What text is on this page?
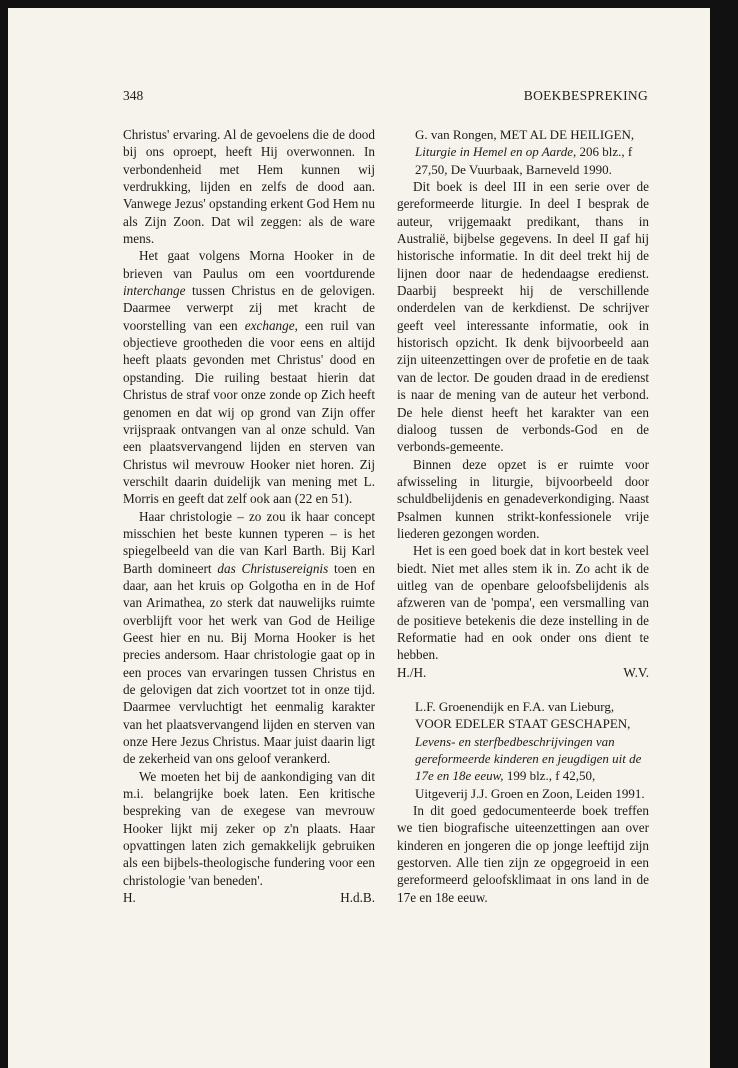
348	BOEKBESPREKING

Christus' ervaring. Al de gevoelens die de dood bij ons oproept, heeft Hij overwonnen. In verbondenheid met Hem kunnen wij verdrukking, lijden en zelfs de dood aan. Vanwege Jezus' opstanding erkent God Hem nu als Zijn Zoon. Dat wil zeggen: als de ware mens.

Het gaat volgens Morna Hooker in de brieven van Paulus om een voortdurende interchange tussen Christus en de gelovigen. Daarmee verwerpt zij met kracht de voorstelling van een exchange, een ruil van objectieve grootheden die voor eens en altijd heeft plaats gevonden met Christus' dood en opstanding. Die ruiling bestaat hierin dat Christus de straf voor onze zonde op Zich heeft genomen en dat wij op grond van Zijn offer vrijspraak ontvangen van al onze schuld. Van een plaatsvervangend lijden en sterven van Christus wil mevrouw Hooker niet horen. Zij verschilt daarin duidelijk van mening met L. Morris en geeft dat zelf ook aan (22 en 51).

Haar christologie – zo zou ik haar concept misschien het beste kunnen typeren – is het spiegelbeeld van die van Karl Barth. Bij Karl Barth domineert das Christusereignis toen en daar, aan het kruis op Golgotha en in de Hof van Arimathea, zo sterk dat nauwelijks ruimte overblijft voor het werk van God de Heilige Geest hier en nu. Bij Morna Hooker is het precies andersom. Haar christologie gaat op in een proces van ervaringen tussen Christus en de gelovigen dat zich voortzet tot in onze tijd. Daarmee vervluchtigt het eenmalig karakter van het plaatsvervangend lijden en sterven van onze Here Jezus Christus. Maar juist daarin ligt de zekerheid van ons geloof verankerd.

We moeten het bij de aankondiging van dit m.i. belangrijke boek laten. Een kritische bespreking van de exegese van mevrouw Hooker lijkt mij zeker op z'n plaats. Haar opvattingen laten zich gemakkelijk gebruiken als een bijbels-theologische fundering voor een christologie 'van beneden'.

H.	H.d.B.

G. van Rongen, MET AL DE HEILIGEN, Liturgie in Hemel en op Aarde, 206 blz., f 27,50, De Vuurbaak, Barneveld 1990.

Dit boek is deel III in een serie over de gereformeerde liturgie. In deel I besprak de auteur, vrijgemaakt predikant, thans in Australië, bijbelse gegevens. In deel II gaf hij historische informatie. In dit deel trekt hij de lijnen door naar de hedendaagse eredienst. Daarbij bespreekt hij de verschillende onderdelen van de kerkdienst. De schrijver geeft veel interessante informatie, ook in historisch opzicht. Ik denk bijvoorbeeld aan zijn uiteenzettingen over de profetie en de taak van de lector. De gouden draad in de eredienst is naar de mening van de auteur het verbond. De hele dienst heeft het karakter van een dialoog tussen de verbonds-God en de verbonds-gemeente.

Binnen deze opzet is er ruimte voor afwisseling in liturgie, bijvoorbeeld door schuldbelijdenis en genadeverkondiging. Naast Psalmen kunnen strikt-konfessionele vrije liederen gezongen worden.

Het is een goed boek dat in kort bestek veel biedt. Niet met alles stem ik in. Zo acht ik de uitleg van de openbare geloofsbelijdenis als afzweren van de 'pompa', een versmalling van de positieve betekenis die deze instelling in de Reformatie had en ook onder ons dient te hebben.

H./H.	W.V.

L.F. Groenendijk en F.A. van Lieburg, VOOR EDELER STAAT GESCHAPEN, Levens- en sterfbedbeschrijvingen van gereformeerde kinderen en jeugdigen uit de 17e en 18e eeuw, 199 blz., f 42,50, Uitgeverij J.J. Groen en Zoon, Leiden 1991.

In dit goed gedocumenteerde boek treffen we tien biografische uiteenzettingen aan over kinderen en jongeren die op jonge leeftijd zijn gestorven. Alle tien zijn ze opgegroeid in een gereformeerd geloofsklimaat in ons land in de 17e en 18e eeuw.
